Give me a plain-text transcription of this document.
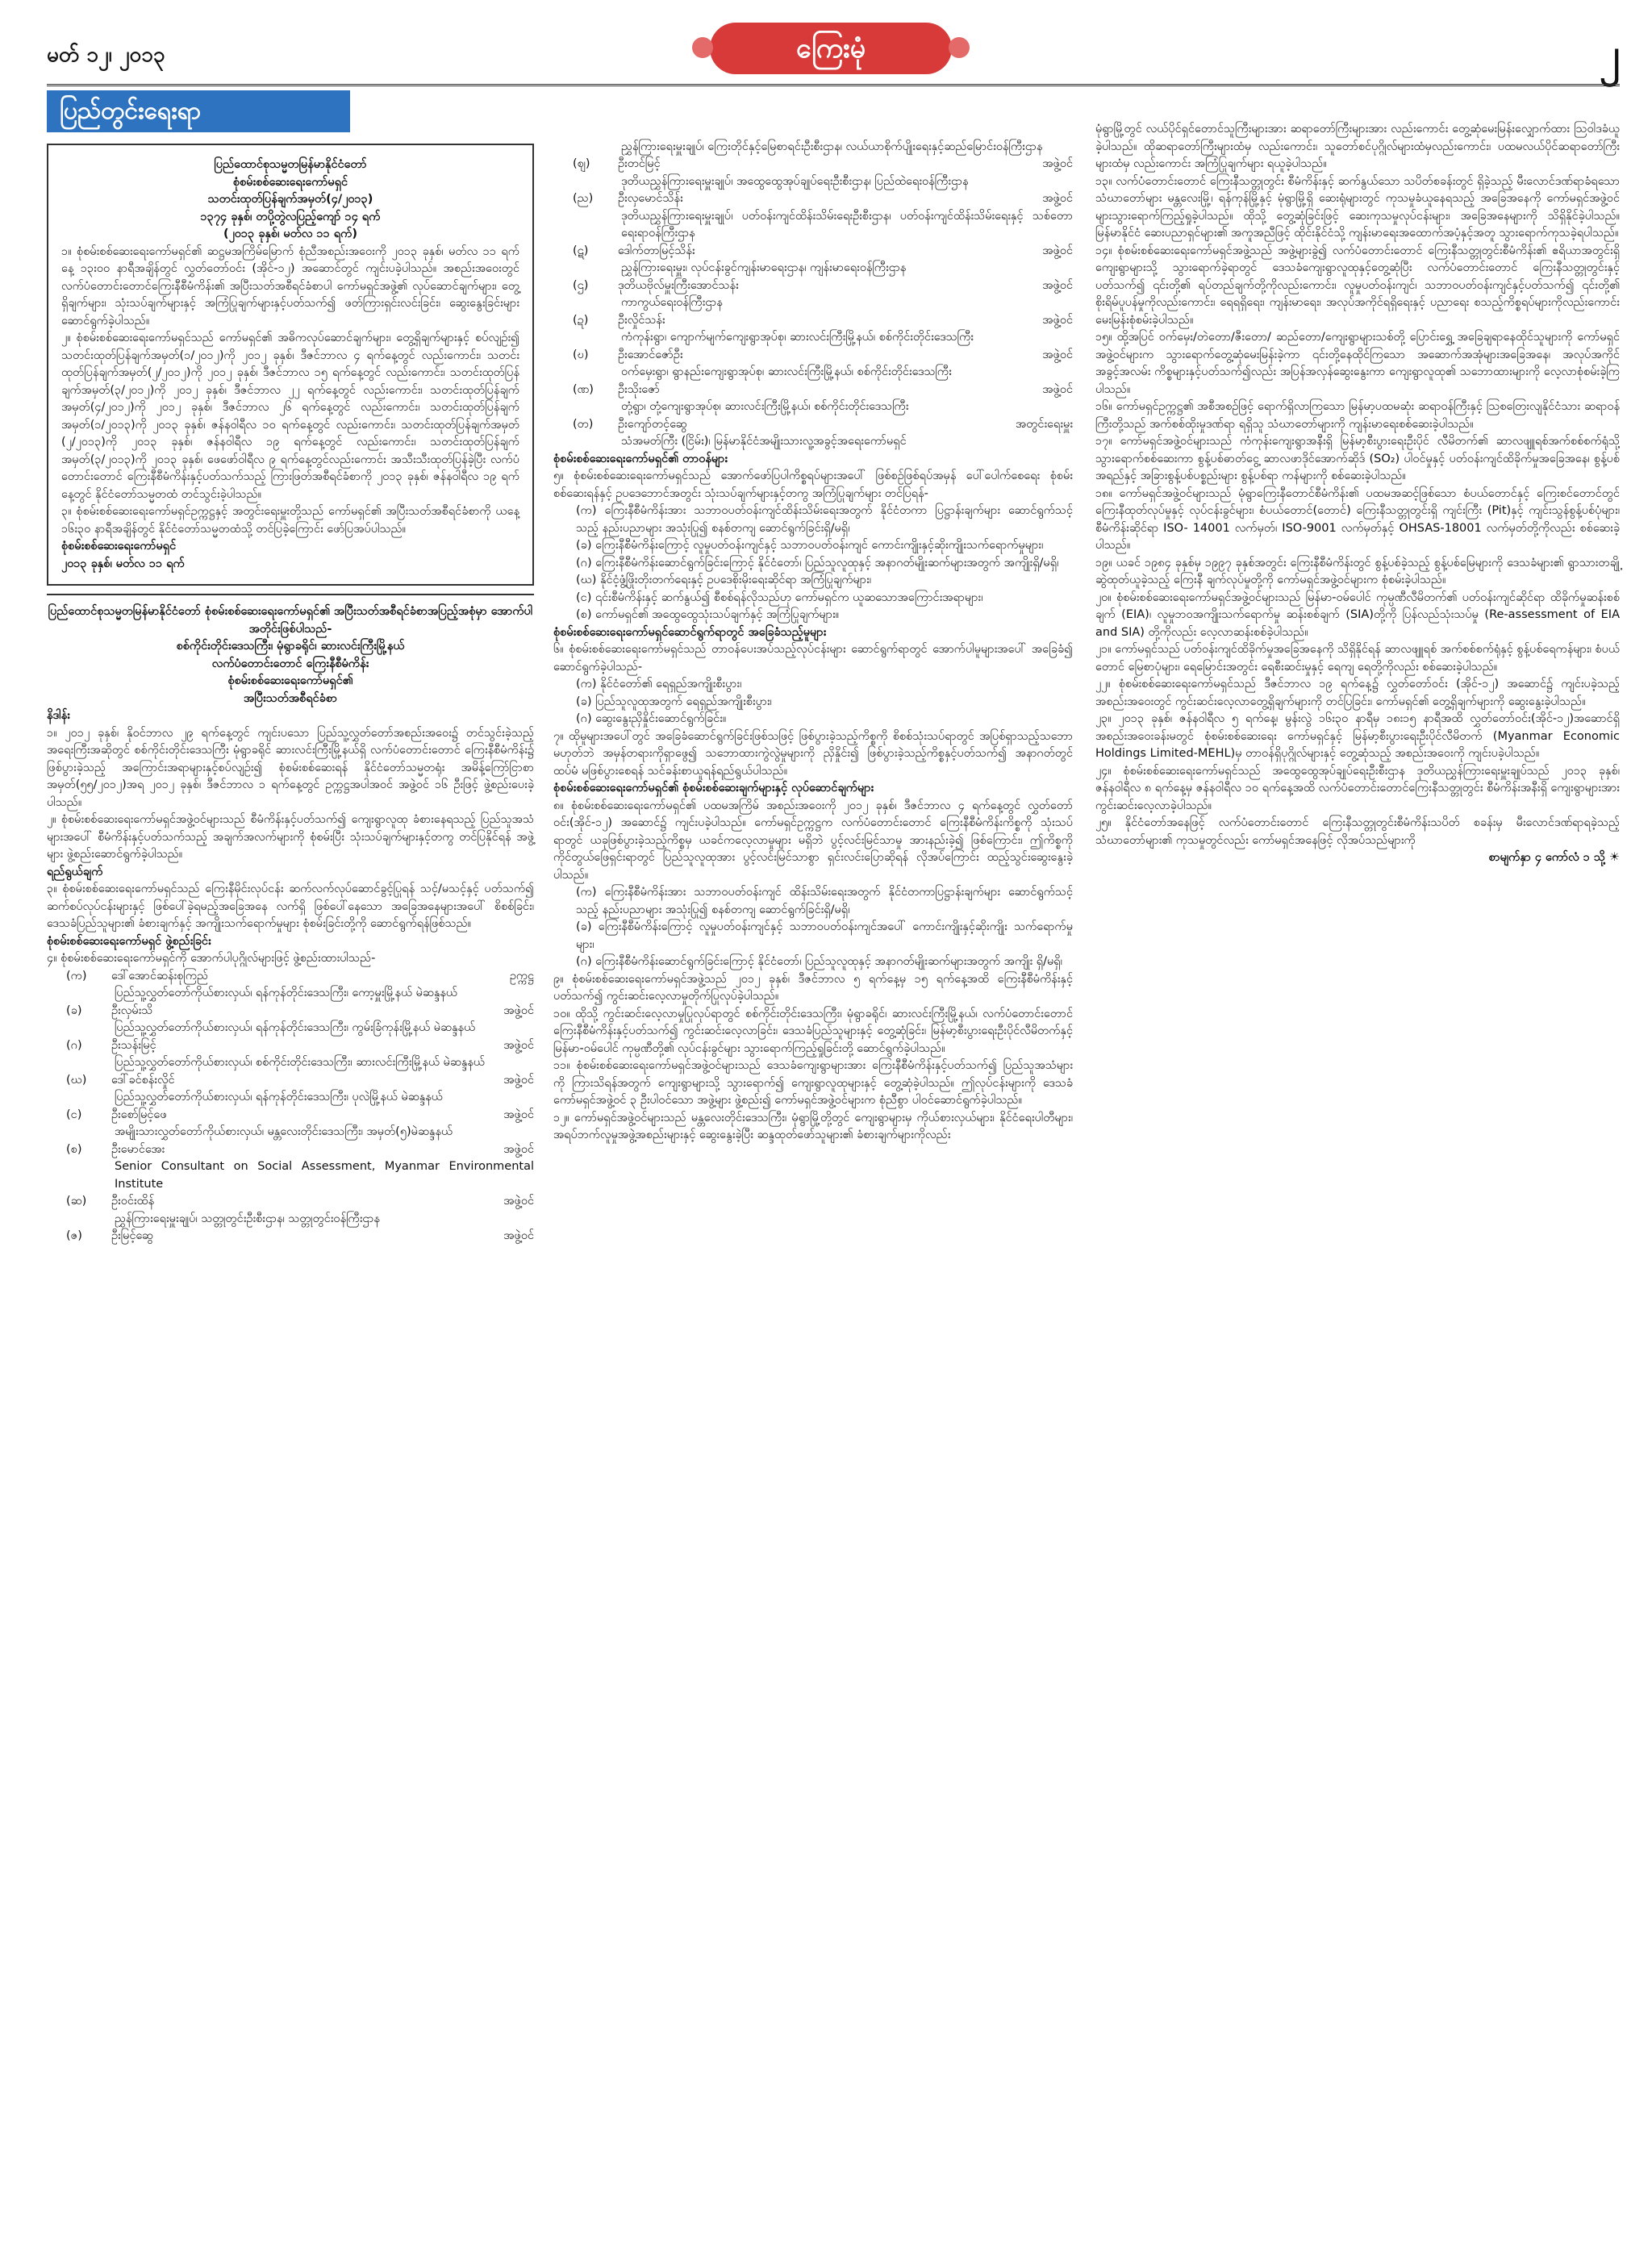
မတ် ၁၂၊ ၂၀၁၃	ကြေးမုံ	၂
ပြည်တွင်းရေးရာ

ပြည်ထောင်စုသမ္မတမြန်မာနိုင်ငံတော်

စုံစမ်းစစ်ဆေးရေးကော်မရှင်

သတင်းထုတ်ပြန်ချက်အမှတ်(၄/၂၀၁၃)

၁၃၇၄ ခုနှစ်၊ တပို့တွဲလပြည့်ကျော် ၁၄ ရက်

(၂၀၁၃ ခုနှစ်၊ မတ်လ ၁၁ ရက်)

၁။ စုံစမ်းစစ်ဆေးရေးကော်မရှင်၏ ဆဋ္ဌမအကြိမ်မြောက် စုံညီအစည်းအဝေးကို ၂၀၁၃ ခုနှစ်၊ မတ်လ ၁၁ ရက်နေ့ ၁၃း၀၀ နာရီအချိန်တွင် လွှတ်တော်ဝင်း (အိုင်-၁၂) အဆောင်တွင် ကျင်းပခဲ့ပါသည်။ အစည်းအဝေးတွင် လက်ပံတောင်းတောင်ကြေးနီစီမံကိန်း၏ အပြီးသတ်အစီရင်ခံစာပါ ကော်မရှင်အဖွဲ့၏ လုပ်ဆောင်ချက်များ၊ တွေ့ရှိချက်များ၊ သုံးသပ်ချက်များနှင့် အကြံပြုချက်များနှင့်ပတ်သက်၍ ဖတ်ကြားရှင်းလင်းခြင်း၊ ဆွေးနွေးခြင်းများ ဆောင်ရွက်ခဲ့ပါသည်။

၂။ စုံစမ်းစစ်ဆေးရေးကော်မရှင်သည် ကော်မရှင်၏ အဓိကလုပ်ဆောင်ချက်များ၊ တွေ့ရှိချက်များနှင့် စပ်လျဉ်း၍ သတင်းထုတ်ပြန်ချက်အမှတ်(၁/၂၀၁၂)ကို ၂၀၁၂ ခုနှစ်၊ ဒီဇင်ဘာလ ၄ ရက်နေ့တွင် လည်းကောင်း၊ သတင်းထုတ်ပြန်ချက်အမှတ်(၂/၂၀၁၂)ကို ၂၀၁၂ ခုနှစ်၊ ဒီဇင်ဘာလ ၁၅ ရက်နေ့တွင် လည်းကောင်း၊ သတင်းထုတ်ပြန်ချက်အမှတ်(၃/၂၀၁၂)ကို ၂၀၁၂ ခုနှစ်၊ ဒီဇင်ဘာလ ၂၂ ရက်နေ့တွင် လည်းကောင်း၊ သတင်းထုတ်ပြန်ချက်အမှတ်(၄/၂၀၁၂)ကို ၂၀၁၂ ခုနှစ်၊ ဒီဇင်ဘာလ ၂၆ ရက်နေ့တွင် လည်းကောင်း၊ သတင်းထုတ်ပြန်ချက်အမှတ်(၁/၂၀၁၃)ကို ၂၀၁၃ ခုနှစ်၊ ဇန်နဝါရီလ ၁၀ ရက်နေ့တွင် လည်းကောင်း၊ သတင်းထုတ်ပြန်ချက်အမှတ် (၂/၂၀၁၃)ကို ၂၀၁၃ ခုနှစ်၊ ဇန်နဝါရီလ ၁၉ ရက်နေ့တွင် လည်းကောင်း၊ သတင်းထုတ်ပြန်ချက်အမှတ်(၃/၂၀၁၃)ကို ၂၀၁၃ ခုနှစ်၊ ဖေဖော်ဝါရီလ ၉ ရက်နေ့တွင်လည်းကောင်း အသီးသီးထုတ်ပြန်ခဲ့ပြီး လက်ပံတောင်းတောင် ကြေးနီစီမံကိန်းနှင့်ပတ်သက်သည့် ကြားဖြတ်အစီရင်ခံစာကို ၂၀၁၃ ခုနှစ်၊ ဇန်နဝါရီလ ၁၉ ရက်နေ့တွင် နိုင်ငံတော်သမ္မတထံ တင်သွင်းခဲ့ပါသည်။

၃။ စုံစမ်းစစ်ဆေးရေးကော်မရှင်ဥက္ကဋ္ဌနှင့် အတွင်းရေးမှူးတို့သည် ကော်မရှင်၏ အပြီးသတ်အစီရင်ခံစာကို ယနေ့ ၁၆း၃၀ နာရီအချိန်တွင် နိုင်ငံတော်သမ္မတထံသို့ တင်ပြခဲ့ကြောင်း ဖော်ပြအပ်ပါသည်။

စုံစမ်းစစ်ဆေးရေးကော်မရှင်

၂၀၁၃ ခုနှစ်၊ မတ်လ ၁၁ ရက်

ပြည်ထောင်စုသမ္မတမြန်မာနိုင်ငံတော် စုံစမ်းစစ်ဆေးရေးကော်မရှင်၏ အပြီးသတ်အစီရင်ခံစာအပြည့်အစုံမှာ အောက်ပါအတိုင်းဖြစ်ပါသည်-

စစ်ကိုင်းတိုင်းဒေသကြီး၊ မုံရွာခရိုင်၊ ဆားလင်းကြီးမြို့နယ်

လက်ပံတောင်းတောင် ကြေးနီစီမံကိန်း

စုံစမ်းစစ်ဆေးရေးကော်မရှင်၏

အပြီးသတ်အစီရင်ခံစာ

နိဒါန်း

၁။ ၂၀၁၂ ခုနှစ်၊ နိုဝင်ဘာလ ၂၉ ရက်နေ့တွင် ကျင်းပသော ပြည်သူ့လွှတ်တော်အစည်းအဝေး၌ တင်သွင်းခဲ့သည့် အရေးကြီးအဆိုတွင် စစ်ကိုင်းတိုင်းဒေသကြီး မုံရွာခရိုင် ဆားလင်းကြီးမြို့နယ်ရှိ လက်ပံတောင်းတောင် ကြေးနီစီမံကိန်း၌ ဖြစ်ပွားခဲ့သည့် အကြောင်းအရာများနှင့်စပ်လျဉ်း၍ စုံစမ်းစစ်ဆေးရန် နိုင်ငံတော်သမ္မတရုံး အမိန့်ကြော်ငြာစာအမှတ်(၅၅/၂၀၁၂)အရ ၂၀၁၂ ခုနှစ်၊ ဒီဇင်ဘာလ ၁ ရက်နေ့တွင် ဥက္ကဋ္ဌအပါအဝင် အဖွဲ့ဝင် ၁၆ ဦးဖြင့် ဖွဲ့စည်းပေးခဲ့ပါသည်။

၂။ စုံစမ်းစစ်ဆေးရေးကော်မရှင်အဖွဲ့ဝင်များသည် စီမံကိန်းနှင့်ပတ်သက်၍ ကျေးရွာလူထု ခံစားနေရသည့် ပြည်သူအသံများအပေါ် စီမံကိန်းနှင့်ပတ်သက်သည့် အချက်အလက်များကို စုံစမ်းပြီး သုံးသပ်ချက်များနှင့်တကွ တင်ပြနိုင်ရန် အဖွဲ့များ ဖွဲ့စည်းဆောင်ရွက်ခဲ့ပါသည်။

ရည်ရွယ်ချက်

၃။ စုံစမ်းစစ်ဆေးရေးကော်မရှင်သည် ကြေးနီမိုင်းလုပ်ငန်း ဆက်လက်လုပ်ဆောင်ခွင့်ပြုရန် သင့်/မသင့်နှင့် ပတ်သက်၍ ဆက်စပ်လုပ်ငန်းများနှင့် ဖြစ်ပေါ်ခဲ့ရမည့်အခြေအနေ လက်ရှိ ဖြစ်ပေါ်နေသော အခြေအနေများအပေါ် စိစစ်ခြင်း၊ ဒေသခံပြည်သူများ၏ ခံစားချက်နှင့် အကျိုးသက်ရောက်မှုများ စုံစမ်းခြင်းတို့ကို ဆောင်ရွက်ရန်ဖြစ်သည်။

စုံစမ်းစစ်ဆေးရေးကော်မရှင် ဖွဲ့စည်းခြင်း

၄။ စုံစမ်းစစ်ဆေးရေးကော်မရှင်ကို အောက်ပါပုဂ္ဂိုလ်များဖြင့် ဖွဲ့စည်းထားပါသည်-

(က) ဒေါ်အောင်ဆန်းစုကြည်	ဥက္ကဋ္ဌ
ပြည်သူ့လွှတ်တော်ကိုယ်စားလှယ်၊ ရန်ကုန်တိုင်းဒေသကြီး၊ ကော့မှူးမြို့နယ် မဲဆန္ဒနယ်
(ခ)	ဦးလှမ်းသိ	အဖွဲ့ဝင်
ပြည်သူ့လွှတ်တော်ကိုယ်စားလှယ်၊ ရန်ကုန်တိုင်းဒေသကြီး၊ ကွမ်းခြံကုန်းမြို့နယ် မဲဆန္ဒနယ်
(ဂ)	ဦးသန်းမြင့်	အဖွဲ့ဝင်
ပြည်သူ့လွှတ်တော်ကိုယ်စားလှယ်၊ စစ်ကိုင်းတိုင်းဒေသကြီး၊ ဆားလင်းကြီးမြို့နယ် မဲဆန္ဒနယ်
(ဃ) ဒေါ်ခင်စန်းလှိုင်	အဖွဲ့ဝင်
ပြည်သူ့လွှတ်တော်ကိုယ်စားလှယ်၊ ရန်ကုန်တိုင်းဒေသကြီး၊ ပုလဲမြို့နယ် မဲဆန္ဒနယ်
(င)	ဦးစော်မြင့်ဖေ	အဖွဲ့ဝင်
အမျိုးသားလွှတ်တော်ကိုယ်စားလှယ်၊ မန္တလေးတိုင်းဒေသကြီး၊ အမှတ်(၅)မဲဆန္ဒနယ်
(စ)	ဦးမောင်အေး	အဖွဲ့ဝင်
Senior Consultant on Social Assessment, Myanmar Environmental Institute
(ဆ) ဦးဝင်းထိန်	အဖွဲ့ဝင်
ညွှန်ကြားရေးမှူးချုပ်၊ သတ္တုတွင်းဦးစီးဌာန၊ သတ္တုတွင်းဝန်ကြီးဌာန
(ဇ) ဦးမြင့်ဆွေ	အဖွဲ့ဝင်
ညွှန်ကြားရေးမှူးချုပ်၊ ကြေးတိုင်နှင့်မြေစာရင်းဦးစီးဌာန၊ လယ်ယာစိုက်ပျိုးရေးနှင့်ဆည်မြောင်းဝန်ကြီးဌာန
(ဈ) ဦးတင်မြင့်	အဖွဲ့ဝင်
ဒုတိယညွှန်ကြားရေးမှူးချုပ်၊ အထွေထွေအုပ်ချုပ်ရေးဦးစီးဌာန၊ ပြည်ထဲရေးဝန်ကြီးဌာန
(ည) ဦးလှမောင်သိန်း	အဖွဲ့ဝင်
ဒုတိယညွှန်ကြားရေးမှူးချုပ်၊ ပတ်ဝန်းကျင်ထိန်းသိမ်းရေးဦးစီးဌာန၊ ပတ်ဝန်းကျင်ထိန်းသိမ်းရေးနှင့် သစ်တောရေးရာဝန်ကြီးဌာန
(ဋ)	ဒေါက်တာမြင့်သိန်း	အဖွဲ့ဝင်
ညွှန်ကြားရေးမှူး၊ လုပ်ငန်းခွင်ကျန်းမာရေးဌာန၊ ကျန်းမာရေးဝန်ကြီးဌာန
(ဌ)	ဒုတိယဗိုလ်မှူးကြီးအောင်သန်း	အဖွဲ့ဝင်
ကာကွယ်ရေးဝန်ကြီးဌာန
(ဍ)	ဦးလှိုင်သန်း	အဖွဲ့ဝင်
ကံကုန်းရွာ၊ ကျောက်မျက်ကျေးရွာအုပ်စု၊ ဆားလင်းကြီးမြို့နယ်၊ စစ်ကိုင်းတိုင်းဒေသကြီး
(ဎ)	ဦးအောင်ဇော်ဦး	အဖွဲ့ဝင်
ဝက်မှေးရွာ၊ ရွာနည်းကျေးရွာအုပ်စု၊ ဆားလင်းကြီးမြို့နယ်၊ စစ်ကိုင်းတိုင်းဒေသကြီး
(ဏ) ဦးသိုးဇော်	အဖွဲ့ဝင်
တုံ့ရွာ၊ တုံ့ကျေးရွာအုပ်စု၊ ဆားလင်းကြီးမြို့နယ်၊ စစ်ကိုင်းတိုင်းဒေသကြီး
(တ) ဦးကျော်တင့်ဆွေ	အတွင်းရေးမှူး
သံအမတ်ကြီး (ငြိမ်း)၊ မြန်မာနိုင်ငံအမျိုးသားလူ့အခွင့်အရေးကော်မရှင်

စုံစမ်းစစ်ဆေးရေးကော်မရှင်၏ တာဝန်များ

၅။ စုံစမ်းစစ်ဆေးရေးကော်မရှင်သည် အောက်ဖော်ပြပါကိစ္စရပ်များအပေါ် ဖြစ်စဉ်ဖြစ်ရပ်အမှန် ပေါ်ပေါက်စေရေး စုံစမ်းစစ်ဆေးရန်နှင့် ဥပဒေဘောင်အတွင်း သုံးသပ်ချက်များနှင့်တကွ အကြံပြုချက်များ တင်ပြရန်-

(က) ကြေးနီစီမံကိန်းအား သဘာဝပတ်ဝန်းကျင်ထိန်းသိမ်းရေးအတွက် နိုင်ငံတကာ ပြဋ္ဌာန်းချက်များ ဆောင်ရွက်သင့်သည့် နည်းပညာများ အသုံးပြု၍ စနစ်တကျ ဆောင်ရွက်ခြင်းရှိ/မရှိ၊

(ခ) ကြေးနီစီမံကိန်းကြောင့် လူမှုပတ်ဝန်းကျင်နှင့် သဘာဝပတ်ဝန်းကျင် ကောင်းကျိုးနှင့်ဆိုးကျိုးသက်ရောက်မှုများ၊

(ဂ) ကြေးနီစီမံကိန်းဆောင်ရွက်ခြင်းကြောင့် နိုင်ငံတော်၊ ပြည်သူလူထုနှင့် အနာဂတ်မျိုးဆက်များအတွက် အကျိုးရှိ/မရှိ၊

(ဃ) နိုင်ငံ့ဖွံ့ဖြိုးတိုးတက်ရေးနှင့် ဥပဒေစိုးမိုးရေးဆိုင်ရာ အကြံပြုချက်များ၊

(င) ၎င်းစီမံကိန်းနှင့် ဆက်နွယ်၍ စီစစ်ရန်လိုသည်ဟု ကော်မရှင်က ယူဆသောအကြောင်းအရာများ၊

(စ) ကော်မရှင်၏ အထွေထွေသုံးသပ်ချက်နှင့် အကြံပြုချက်များ။

စုံစမ်းစစ်ဆေးရေးကော်မရှင်ဆောင်ရွက်ရာတွင် အခြေခံသည့်မူများ

၆။ စုံစမ်းစစ်ဆေးရေးကော်မရှင်သည် တာဝန်ပေးအပ်သည့်လုပ်ငန်းများ ဆောင်ရွက်ရာတွင် အောက်ပါမူများအပေါ် အခြေခံ၍ ဆောင်ရွက်ခဲ့ပါသည်-

(က) နိုင်ငံတော်၏ ရေရှည်အကျိုးစီးပွား၊

(ခ) ပြည်သူလူထုအတွက် ရေရှည်အကျိုးစီးပွား၊

(ဂ) ဆွေးနွေးညှိနှိုင်းဆောင်ရွက်ခြင်း။

၇။ ထိုမူများအပေါ်တွင် အခြေခံဆောင်ရွက်ခြင်းဖြစ်သဖြင့် ဖြစ်ပွားခဲ့သည့်ကိစ္စကို စိစစ်သုံးသပ်ရာတွင် အပြစ်ရှာသည့်သဘောမဟုတ်ဘဲ အမှန်တရားကိုရှာဖွေ၍ သဘောထားကွဲလွဲမှုများကို ညှိနှိုင်း၍ ဖြစ်ပွားခဲ့သည့်ကိစ္စနှင့်ပတ်သက်၍ အနာဂတ်တွင် ထပ်မံ မဖြစ်ပွားစေရန် သင်ခန်းစာယူရန်ရည်ရွယ်ပါသည်။

စုံစမ်းစစ်ဆေးရေးကော်မရှင်၏ စုံစမ်းစစ်ဆေးချက်များနှင့် လုပ်ဆောင်ချက်များ

၈။ စုံစမ်းစစ်ဆေးရေးကော်မရှင်၏ ပထမအကြိမ် အစည်းအဝေးကို ၂၀၁၂ ခုနှစ်၊ ဒီဇင်ဘာလ ၄ ရက်နေ့တွင် လွှတ်တော်ဝင်း(အိုင်-၁၂) အဆောင်၌ ကျင်းပခဲ့ပါသည်။ ကော်မရှင်ဥက္ကဋ္ဌက လက်ပံတောင်းတောင် ကြေးနီစီမံကိန်းကိစ္စကို သုံးသပ်ရာတွင် ယခုဖြစ်ပွားခဲ့သည့်ကိစ္စမှ ယခင်ကလေ့လာမှုများ မရှိဘဲ ပွင့်လင်းမြင်သာမှု အားနည်းခဲ့၍ ဖြစ်ကြောင်း၊ ဤကိစ္စကို ကိုင်တွယ်ဖြေရှင်းရာတွင် ပြည်သူလူထုအား ပွင့်လင်းမြင်သာစွာ ရှင်းလင်းပြောဆိုရန် လိုအပ်ကြောင်း ထည့်သွင်းဆွေးနွေးခဲ့ပါသည်။

(က) ကြေးနီစီမံကိန်းအား သဘာဝပတ်ဝန်းကျင် ထိန်းသိမ်းရေးအတွက် နိုင်ငံတကာပြဋ္ဌာန်းချက်များ ဆောင်ရွက်သင့်သည့် နည်းပညာများ အသုံးပြု၍ စနစ်တကျ ဆောင်ရွက်ခြင်းရှိ/မရှိ၊

(ခ) ကြေးနီစီမံကိန်းကြောင့် လူမှုပတ်ဝန်းကျင်နှင့် သဘာဝပတ်ဝန်းကျင်အပေါ် ကောင်းကျိုးနှင့်ဆိုးကျိုး သက်ရောက်မှုများ၊

(ဂ) ကြေးနီစီမံကိန်းဆောင်ရွက်ခြင်းကြောင့် နိုင်ငံတော်၊ ပြည်သူလူထုနှင့် အနာဂတ်မျိုးဆက်များအတွက် အကျိုး ရှိ/မရှိ၊

၉။ စုံစမ်းစစ်ဆေးရေးကော်မရှင်အဖွဲ့သည် ၂၀၁၂ ခုနှစ်၊ ဒီဇင်ဘာလ ၅ ရက်နေ့မှ ၁၅ ရက်နေ့အထိ ကြေးနီစီမံကိန်းနှင့်ပတ်သက်၍ ကွင်းဆင်းလေ့လာမှုတိုက်ပြုလုပ်ခဲ့ပါသည်။

၁၀။ ထိုသို့ ကွင်းဆင်းလေ့လာမှုပြုလုပ်ရာတွင် စစ်ကိုင်းတိုင်းဒေသကြီး၊ မုံရွာခရိုင်၊ ဆားလင်းကြီးမြို့နယ်၊ လက်ပံတောင်းတောင် ကြေးနီစီမံကိန်းနှင့်ပတ်သက်၍ ကွင်းဆင်းလေ့လာခြင်း၊ ဒေသခံပြည်သူများနှင့် တွေ့ဆုံခြင်း၊ မြန်မာ့စီးပွားရေးဦးပိုင်လီမိတက်နှင့် မြန်မာ-ဝမ်ပေါင် ကုမ္ပဏီတို့၏ လုပ်ငန်းခွင်များ သွားရောက်ကြည့်ရှုခြင်းတို့ ဆောင်ရွက်ခဲ့ပါသည်။

၁၁။ စုံစမ်းစစ်ဆေးရေးကော်မရှင်အဖွဲ့ဝင်များသည် ဒေသခံကျေးရွာများအား ကြေးနီစီမံကိန်းနှင့်ပတ်သက်၍ ပြည်သူအသံများကို ကြားသိရန်အတွက် ကျေးရွာများသို့ သွားရောက်၍ ကျေးရွာလူထုများနှင့် တွေ့ဆုံခဲ့ပါသည်။ ဤလုပ်ငန်းများကို ဒေသခံကော်မရှင်အဖွဲ့ဝင် ၃ ဦးပါဝင်သော အဖွဲ့များ ဖွဲ့စည်း၍ ကော်မရှင်အဖွဲ့ဝင်များက စုံညီစွာ ပါဝင်ဆောင်ရွက်ခဲ့ပါသည်။

၁၂။ ကော်မရှင်အဖွဲ့ဝင်များသည် မန္တလေးတိုင်းဒေသကြီး၊ မုံရွာမြို့တို့တွင် ကျေးရွာများမှ ကိုယ်စားလှယ်များ၊ နိုင်ငံရေးပါတီများ၊ အရပ်ဘက်လူမှုအဖွဲ့အစည်းများနှင့် ဆွေးနွေးခဲ့ပြီး ဆန္ဒထုတ်ဖော်သူများ၏ ခံစားချက်များကိုလည်း

မုံရွာမြို့တွင် လယ်ပိုင်ရှင်တောင်သူကြီးများအား ဆရာတော်ကြီးများအား လည်းကောင်း တွေ့ဆုံမေးမြန်းလျှောက်ထား သြဝါဒခံယူခဲ့ပါသည်။ ထိုဆရာတော်ကြီးများထံမှ လည်းကောင်း၊ သူတော်စင်ပုဂ္ဂိုလ်များထံမှလည်းကောင်း၊ ပထမလယ်ပိုင်ဆရာတော်ကြီးများထံမှ လည်းကောင်း အကြံပြုချက်များ ရယူခဲ့ပါသည်။

၁၃။ လက်ပံတောင်းတောင် ကြေးနီသတ္တုတွင်း စီမံကိန်းနှင့် ဆက်နွယ်သော သပိတ်စခန်းတွင် ရှိခဲ့သည့် မီးလောင်ဒဏ်ရာခံရသော သံဃာတော်များ မန္တလေးမြို့၊ ရန်ကုန်မြို့နှင့် မုံရွာမြို့ရှိ ဆေးရုံများတွင် ကုသမှုခံယူနေရသည့် အခြေအနေကို ကော်မရှင်အဖွဲ့ဝင်များသွားရောက်ကြည့်ရှုခဲ့ပါသည်။ ထိုသို့ တွေ့ဆုံခြင်းဖြင့် ဆေးကုသမှုလုပ်ငန်းများ၊ အခြေအနေများကို သိရှိနိုင်ခဲ့ပါသည်။ မြန်မာနိုင်ငံ ဆေးပညာရှင်များ၏ အကူအညီဖြင့် ထိုင်းနိုင်ငံသို့ ကျန်းမာရေးအထောက်အပံ့နှင့်အတူ သွားရောက်ကုသခဲ့ရပါသည်။

၁၄။ စုံစမ်းစစ်ဆေးရေးကော်မရှင်အဖွဲ့သည် အဖွဲ့များခွဲ၍ လက်ပံတောင်းတောင် ကြေးနီသတ္တုတွင်းစီမံကိန်း၏ ဧရိယာအတွင်းရှိ ကျေးရွာများသို့ သွားရောက်ခဲ့ရာတွင် ဒေသခံကျေးရွာလူထုနှင့်တွေ့ဆုံပြီး လက်ပံတောင်းတောင် ကြေးနီသတ္တုတွင်းနှင့်ပတ်သက်၍ ၎င်းတို့၏ ရပ်တည်ချက်တို့ကိုလည်းကောင်း၊ လူမှုပတ်ဝန်းကျင်၊ သဘာဝပတ်ဝန်းကျင်နှင့်ပတ်သက်၍ ၎င်းတို့၏ စိုးရိမ်ပူပန်မှုကိုလည်းကောင်း၊ ရေရရှိရေး၊ ကျန်းမာရေး၊ အလုပ်အကိုင်ရရှိရေးနှင့် ပညာရေး စသည့်ကိစ္စရပ်များကိုလည်းကောင်း မေးမြန်းစုံစမ်းခဲ့ပါသည်။

၁၅။ ထို့အပြင် ဝက်မှေး/တဲတော/ဇီးတော/ ဆည်တော/ကျေးရွာများသစ်တို့ ပြောင်းရွှေ့ အခြေချရာနေထိုင်သူများကို ကော်မရှင်အဖွဲ့ဝင်များက သွားရောက်တွေ့ဆုံမေးမြန်းခဲ့ကာ ၎င်းတို့နေထိုင်ကြသော အဆောက်အအုံများအခြေအနေ၊ အလုပ်အကိုင်အခွင့်အလမ်း ကိစ္စများနှင့်ပတ်သက်၍လည်း အပြန်အလှန်ဆွေးနွေးကာ ကျေးရွာလူထု၏ သဘောထားများကို လေ့လာစုံစမ်းခဲ့ကြပါသည်။

၁၆။ ကော်မရှင်ဥက္ကဋ္ဌ၏ အစီအစဉ်ဖြင့် ရောက်ရှိလာကြသော မြန်မာ့ပထမဆုံး ဆရာဝန်ကြီးနှင့် ဩစတြေးလျနိုင်ငံသား ဆရာဝန်ကြီးတို့သည် အက်စစ်ထိုးမှုဒဏ်ရာ ရရှိသူ သံဃာတော်များကို ကျန်းမာရေးစစ်ဆေးခဲ့ပါသည်။

၁၇။ ကော်မရှင်အဖွဲ့ဝင်များသည် ကံကုန်းကျေးရွာအနီးရှိ မြန်မာ့စီးပွားရေးဦးပိုင် လီမိတက်၏ ဆာလဖျူရစ်အက်စစ်စက်ရုံသို့ သွားရောက်စစ်ဆေးကာ စွန့်ပစ်ဓာတ်ငွေ့ ဆာလဖာဒိုင်အောက်ဆိုဒ် (SO₂) ပါဝင်မှုနှင့် ပတ်ဝန်းကျင်ထိခိုက်မှုအခြေအနေ၊ စွန့်ပစ်အရည်နှင့် အခြားစွန့်ပစ်ပစ္စည်းများ စွန့်ပစ်ရာ ကန်များကို စစ်ဆေးခဲ့ပါသည်။

၁၈။ ကော်မရှင်အဖွဲ့ဝင်များသည် မုံရွာကြေးနီတောင်စီမံကိန်း၏ ပထမအဆင့်ဖြစ်သော စံပယ်တောင်နှင့် ကြေးစင်တောင်တွင် ကြေးနီထုတ်လုပ်မှုနှင့် လုပ်ငန်းခွင်များ၊ စံပယ်တောင်(တောင်) ကြေးနီသတ္တုတွင်းရှိ ကျင်းကြီး (Pit)နှင့် ကျင်းသွန်စွန့်ပစ်ပုံများ၊ စီမံကိန်းဆိုင်ရာ ISO- 14001 လက်မှတ်၊ ISO-9001 လက်မှတ်နှင့် OHSAS-18001 လက်မှတ်တို့ကိုလည်း စစ်ဆေးခဲ့ပါသည်။

၁၉။ ယခင် ၁၉၈၄ ခုနှစ်မှ ၁၉၉၇ ခုနှစ်အတွင်း ကြေးနီစီမံကိန်းတွင် စွန့်ပစ်ခဲ့သည့် စွန့်ပစ်မြေများကို ဒေသခံများ၏ ရွာသားတချို့ ဆွဲထုတ်ယူခဲ့သည့် ကြေးနီ ချက်လုပ်မှုတို့ကို ကော်မရှင်အဖွဲ့ဝင်များက စုံစမ်းခဲ့ပါသည်။

၂၀။ စုံစမ်းစစ်ဆေးရေးကော်မရှင်အဖွဲ့ဝင်များသည် မြန်မာ-ဝမ်ပေါင် ကုမ္ပဏီလီမိတက်၏ ပတ်ဝန်းကျင်ဆိုင်ရာ ထိခိုက်မှုဆန်းစစ်ချက် (EIA)၊ လူမှုဘဝအကျိုးသက်ရောက်မှု ဆန်းစစ်ချက် (SIA)တို့ကို ပြန်လည်သုံးသပ်မှု (Re-assessment of EIA and SIA) တို့ကိုလည်း လေ့လာဆန်းစစ်ခဲ့ပါသည်။

၂၁။ ကော်မရှင်သည် ပတ်ဝန်းကျင်ထိခိုက်မှုအခြေအနေကို သိရှိနိုင်ရန် ဆာလဖျူရစ် အက်စစ်စက်ရုံနှင့် စွန့်ပစ်ရေကန်များ၊ စံပယ်တောင် မြေစာပုံများ၊ ရေမြောင်းအတွင်း ရေစီးဆင်းမှုနှင့် ရေကျ ရေတို့ကိုလည်း စစ်ဆေးခဲ့ပါသည်။

၂၂။ စုံစမ်းစစ်ဆေးရေးကော်မရှင်သည် ဒီဇင်ဘာလ ၁၉ ရက်နေ့၌ လွှတ်တော်ဝင်း (အိုင်-၁၂) အဆောင်၌ ကျင်းပခဲ့သည့် အစည်းအဝေးတွင် ကွင်းဆင်းလေ့လာတွေ့ရှိချက်များကို တင်ပြခြင်း၊ ကော်မရှင်၏ တွေ့ရှိချက်များကို ဆွေးနွေးခဲ့ပါသည်။

၂၃။ ၂၀၁၃ ခုနှစ်၊ ဇန်နဝါရီလ ၅ ရက်နေ့၊ မွန်းလွဲ ၁၆း၃၀ နာရီမှ ၁၈း၁၅ နာရီအထိ လွှတ်တော်ဝင်း(အိုင်-၁၂)အဆောင်ရှိ အစည်းအဝေးခန်းမတွင် စုံစမ်းစစ်ဆေးရေး ကော်မရှင်နှင့် မြန်မာ့စီးပွားရေးဦးပိုင်လီမိတက် (Myanmar Economic Holdings Limited-MEHL)မှ တာဝန်ရှိပုဂ္ဂိုလ်များနှင့် တွေ့ဆုံသည့် အစည်းအဝေးကို ကျင်းပခဲ့ပါသည်။

၂၄။ စုံစမ်းစစ်ဆေးရေးကော်မရှင်သည် အထွေထွေအုပ်ချုပ်ရေးဦးစီးဌာန ဒုတိယညွှန်ကြားရေးမှူးချုပ်သည် ၂၀၁၃ ခုနှစ်၊ ဇန်နဝါရီလ ၈ ရက်နေ့မှ ဇန်နဝါရီလ ၁၀ ရက်နေ့အထိ လက်ပံတောင်းတောင်ကြေးနီသတ္တုတွင်း စီမံကိန်းအနီးရှိ ကျေးရွာများအား ကွင်းဆင်းလေ့လာခဲ့ပါသည်။

၂၅။ နိုင်ငံတော်အနေဖြင့် လက်ပံတောင်းတောင် ကြေးနီသတ္တုတွင်းစီမံကိန်းသပိတ် စခန်းမှ မီးလောင်ဒဏ်ရာရခဲ့သည့် သံဃာတော်များ၏ ကုသမှုတွင်လည်း ကော်မရှင်အနေဖြင့် လိုအပ်သည်များကို

စာမျက်နှာ ၄ ကော်လံ ၁ သို့ ☀
